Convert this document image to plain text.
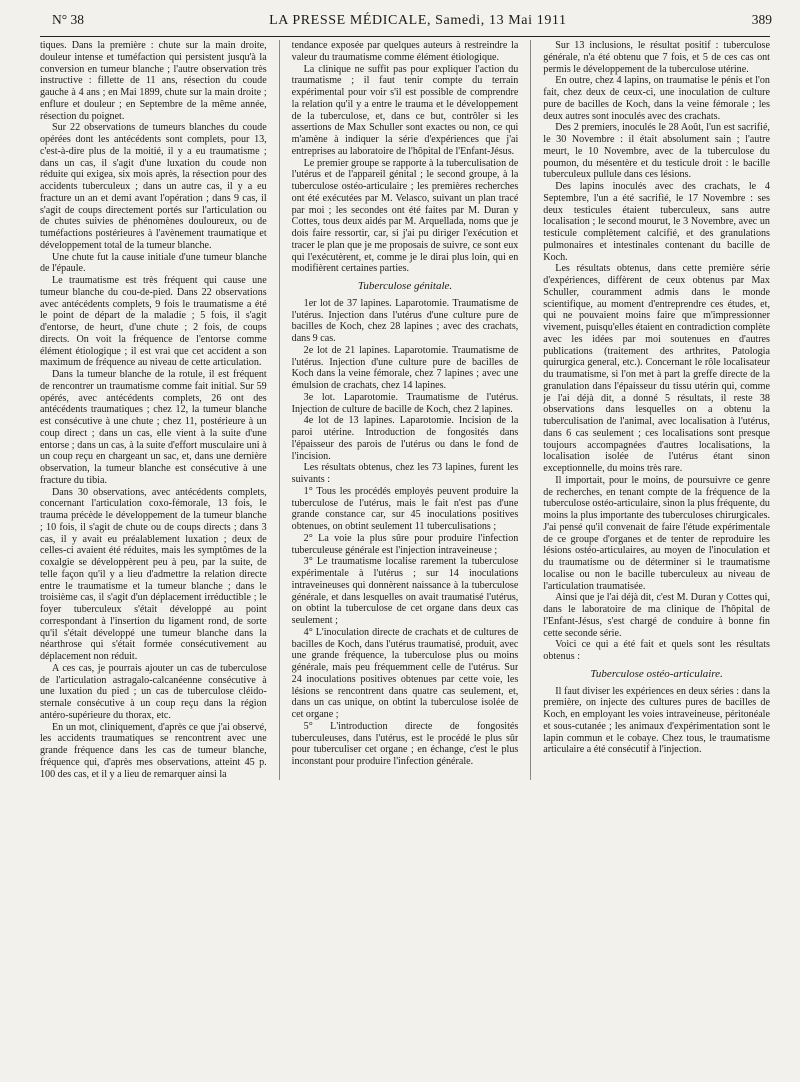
N° 38	LA PRESSE MÉDICALE, Samedi, 13 Mai 1911	389

tiques. Dans la première : chute sur la main droite, douleur intense et tuméfaction qui persistent jusqu'à la conversion en tumeur blanche ; l'autre observation très instructive : fillette de 11 ans, résection du coude gauche à 4 ans ; en Mai 1899, chute sur la main droite ; enflure et douleur ; en Septembre de la même année, résection du poignet.

Sur 22 observations de tumeurs blanches du coude opérées dont les antécédents sont complets, pour 13, c'est-à-dire plus de la moitié, il y a eu traumatisme ; dans un cas, il s'agit d'une luxation du coude non réduite qui exigea, six mois après, la résection pour des accidents tuberculeux ; dans un autre cas, il y a eu fracture un an et demi avant l'opération ; dans 9 cas, il s'agit de coups directement portés sur l'articulation ou de chutes suivies de phénomènes douloureux, ou de tuméfactions postérieures à l'avènement traumatique et développement total de la tumeur blanche.

Une chute fut la cause initiale d'une tumeur blanche de l'épaule.

Le traumatisme est très fréquent qui cause une tumeur blanche du cou-de-pied. Dans 22 observations avec antécédents complets, 9 fois le traumatisme a été le point de départ de la maladie ; 5 fois, il s'agit d'entorse, de heurt, d'une chute ; 2 fois, de coups directs. On voit la fréquence de l'entorse comme élément étiologique ; il est vrai que cet accident a son maximum de fréquence au niveau de cette articulation.

Dans la tumeur blanche de la rotule, il est fréquent de rencontrer un traumatisme comme fait initial. Sur 59 opérés, avec antécédents complets, 26 ont des antécédents traumatiques ; chez 12, la tumeur blanche est consécutive à une chute ; chez 11, postérieure à un coup direct ; dans un cas, elle vient à la suite d'une entorse ; dans un cas, à la suite d'effort musculaire uni à un coup reçu en chargeant un sac, et, dans une dernière observation, la tumeur blanche est consécutive à une fracture du tibia.

Dans 30 observations, avec antécédents complets, concernant l'articulation coxo-fémorale, 13 fois, le trauma précède le développement de la tumeur blanche ; 10 fois, il s'agit de chute ou de coups directs ; dans 3 cas, il y avait eu préalablement luxation ; deux de celles-ci avaient été réduites, mais les symptômes de la coxalgie se développèrent peu à peu, par la suite, de telle façon qu'il y a lieu d'admettre la relation directe entre le traumatisme et la tumeur blanche ; dans le troisième cas, il s'agit d'un déplacement irréductible ; le foyer tuberculeux s'était développé au point correspondant à l'insertion du ligament rond, de sorte qu'il s'était développé une tumeur blanche dans la néarthrose qui s'était formée consécutivement au déplacement non réduit.

A ces cas, je pourrais ajouter un cas de tuberculose de l'articulation astragalo-calcanéenne consécutive à une luxation du pied ; un cas de tuberculose cléido-sternale consécutive à un coup reçu dans la région antéro-supérieure du thorax, etc.

En un mot, cliniquement, d'après ce que j'ai observé, les accidents traumatiques se rencontrent avec une grande fréquence dans les cas de tumeur blanche, fréquence qui, d'après mes observations, atteint 45 p. 100 des cas, et il y a lieu de remarquer ainsi la

tendance exposée par quelques auteurs à restreindre la valeur du traumatisme comme élément étiologique.

La clinique ne suffit pas pour expliquer l'action du traumatisme ; il faut tenir compte du terrain expérimental pour voir s'il est possible de comprendre la relation qu'il y a entre le trauma et le développement de la tuberculose, et, dans ce but, contrôler si les assertions de Max Schuller sont exactes ou non, ce qui m'amène à indiquer la série d'expériences que j'ai entreprises au laboratoire de l'hôpital de l'Enfant-Jésus.

Le premier groupe se rapporte à la tuberculisation de l'utérus et de l'appareil génital ; le second groupe, à la tuberculose ostéo-articulaire ; les premières recherches ont été exécutées par M. Velasco, suivant un plan tracé par moi ; les secondes ont été faites par M. Duran y Cottes, tous deux aidés par M. Arquellada, noms que je dois faire ressortir, car, si j'ai pu diriger l'exécution et tracer le plan que je me proposais de suivre, ce sont eux qui l'exécutèrent, et, comme je le dirai plus loin, qui en modifièrent certaines parties.

Tuberculose génitale.

1er lot de 37 lapines. Laparotomie. Traumatisme de l'utérus. Injection dans l'utérus d'une culture pure de bacilles de Koch, chez 28 lapines ; avec des crachats, dans 9 cas.

2e lot de 21 lapines. Laparotomie. Traumatisme de l'utérus. Injection d'une culture pure de bacilles de Koch dans la veine fémorale, chez 7 lapines ; avec une émulsion de crachats, chez 14 lapines.

3e lot. Laparotomie. Traumatisme de l'utérus. Injection de culture de bacille de Koch, chez 2 lapines.

4e lot de 13 lapines. Laparotomie. Incision de la paroi utérine. Introduction de fongosités dans l'épaisseur des parois de l'utérus ou dans le fond de l'incision.

Les résultats obtenus, chez les 73 lapines, furent les suivants :

1° Tous les procédés employés peuvent produire la tuberculose de l'utérus, mais le fait n'est pas d'une grande constance car, sur 45 inoculations positives obtenues, on obtint seulement 11 tuberculisations ;

2° La voie la plus sûre pour produire l'infection tuberculeuse générale est l'injection intraveineuse ;

3° Le traumatisme localise rarement la tuberculose expérimentale à l'utérus ; sur 14 inoculations intraveineuses qui donnèrent naissance à la tuberculose générale, et dans lesquelles on avait traumatisé l'utérus, on obtint la tuberculose de cet organe dans deux cas seulement ;

4° L'inoculation directe de crachats et de cultures de bacilles de Koch, dans l'utérus traumatisé, produit, avec une grande fréquence, la tuberculose plus ou moins générale, mais peu fréquemment celle de l'utérus. Sur 24 inoculations positives obtenues par cette voie, les lésions se rencontrent dans quatre cas seulement, et, dans un cas unique, on obtint la tuberculose isolée de cet organe ;

5° L'introduction directe de fongosités tuberculeuses, dans l'utérus, est le procédé le plus sûr pour tuberculiser cet organe ; en échange, c'est le plus inconstant pour produire l'infection générale.

Sur 13 inclusions, le résultat positif : tuberculose générale, n'a été obtenu que 7 fois, et 5 de ces cas ont permis le développement de la tuberculose utérine.

En outre, chez 4 lapins, on traumatise le pénis et l'on fait, chez deux de ceux-ci, une inoculation de culture pure de bacilles de Koch, dans la veine fémorale ; les deux autres sont inoculés avec des crachats.

Des 2 premiers, inoculés le 28 Août, l'un est sacrifié, le 30 Novembre : il était absolument sain ; l'autre meurt, le 10 Novembre, avec de la tuberculose du poumon, du mésentère et du testicule droit : le bacille tuberculeux pullule dans ces lésions.

Des lapins inoculés avec des crachats, le 4 Septembre, l'un a été sacrifié, le 17 Novembre : ses deux testicules étaient tuberculeux, sans autre localisation ; le second mourut, le 3 Novembre, avec un testicule complètement calcifié, et des granulations pulmonaires et intestinales contenant du bacille de Koch.

Les résultats obtenus, dans cette première série d'expériences, diffèrent de ceux obtenus par Max Schuller, couramment admis dans le monde scientifique, au moment d'entreprendre ces études, et, qui ne pouvaient moins faire que m'impressionner vivement, puisqu'elles étaient en contradiction complète avec les idées par moi soutenues en d'autres publications (traitement des arthrites, Patologia quirurgica general, etc.). Concernant le rôle localisateur du traumatisme, si l'on met à part la greffe directe de la granulation dans l'épaisseur du tissu utérin qui, comme je l'ai déjà dit, a donné 5 résultats, il reste 38 observations dans lesquelles on a obtenu la tuberculisation de l'animal, avec localisation à l'utérus, dans 6 cas seulement ; ces localisations sont presque toujours accompagnées d'autres localisations, la localisation isolée de l'utérus étant sinon exceptionnelle, du moins très rare.

Il importait, pour le moins, de poursuivre ce genre de recherches, en tenant compte de la fréquence de la tuberculose ostéo-articulaire, sinon la plus fréquente, du moins la plus importante des tuberculoses chirurgicales. J'ai pensé qu'il convenait de faire l'étude expérimentale de ce groupe d'organes et de tenter de reproduire les lésions ostéo-articulaires, au moyen de l'inoculation et du traumatisme ou de déterminer si le traumatisme localise ou non le bacille tuberculeux au niveau de l'articulation traumatisée.

Ainsi que je l'ai déjà dit, c'est M. Duran y Cottes qui, dans le laboratoire de ma clinique de l'hôpital de l'Enfant-Jésus, s'est chargé de conduire à bonne fin cette seconde série.

Voici ce qui a été fait et quels sont les résultats obtenus :

Tuberculose ostéo-articulaire.

Il faut diviser les expériences en deux séries : dans la première, on injecte des cultures pures de bacilles de Koch, en employant les voies intraveineuse, péritonéale et sous-cutanée ; les animaux d'expérimentation sont le lapin commun et le cobaye. Chez tous, le traumatisme articulaire a été consécutif à l'injection.
